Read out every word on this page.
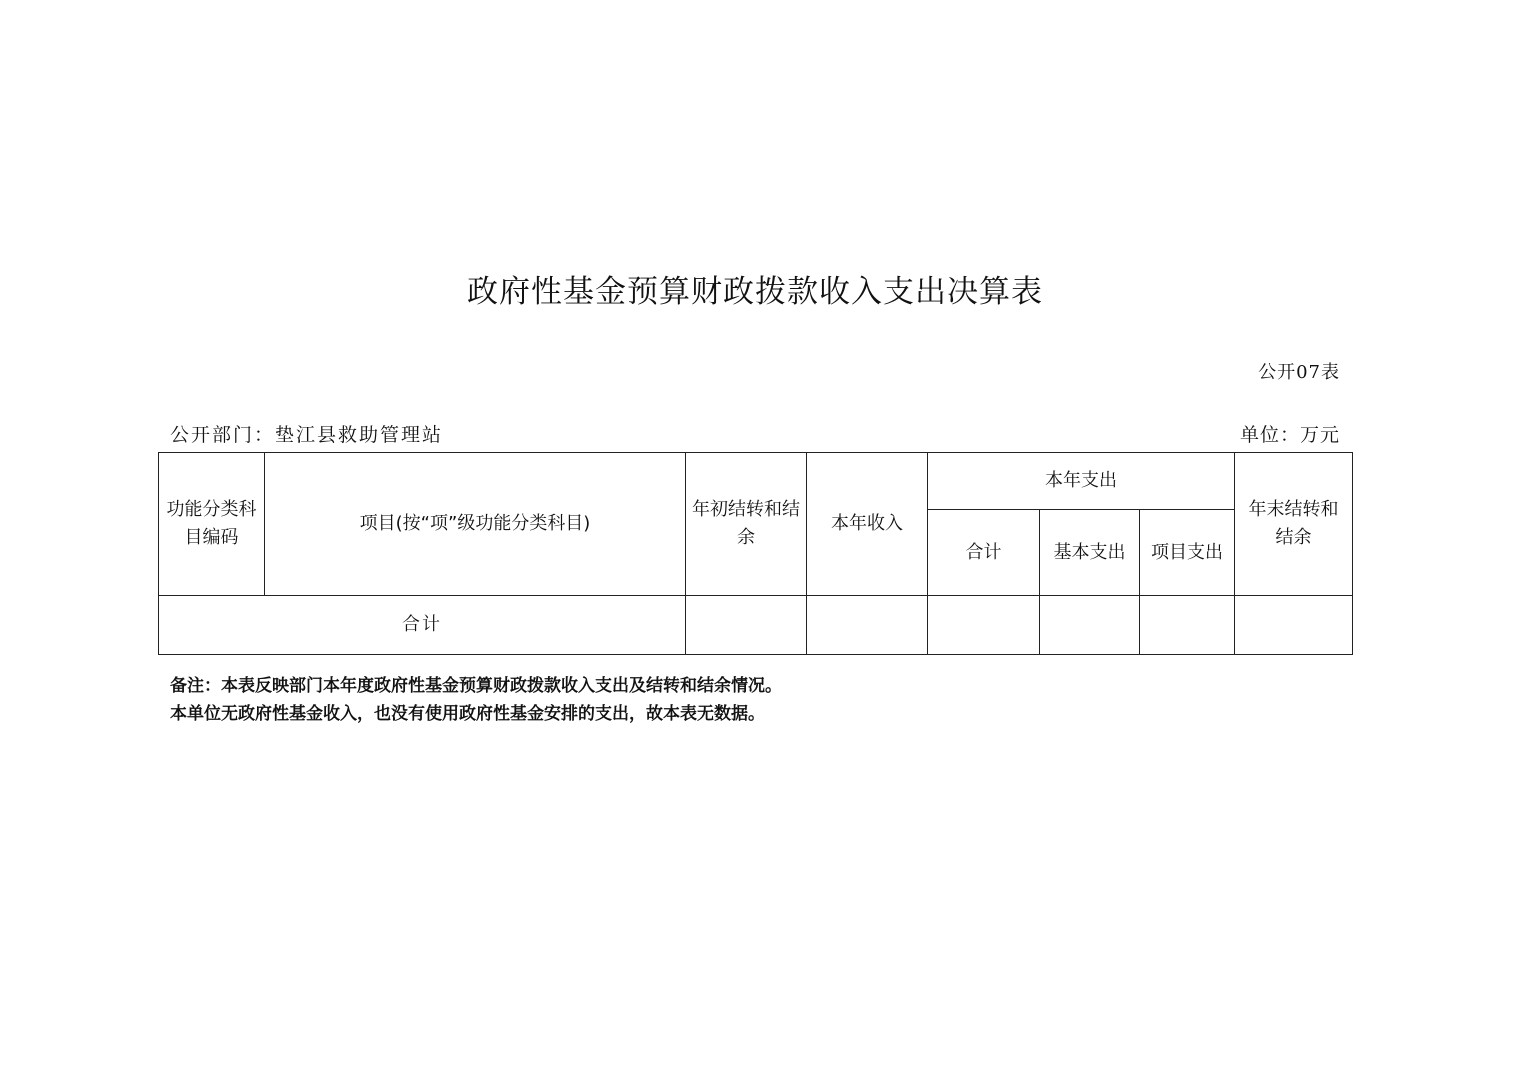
政府性基金预算财政拨款收入支出决算表
公开07表
公开部门：垫江县救助管理站	单位：万元
功能分类科目编码	项目(按“项”级功能分类科目)	年初结转和结余	本年收入	本年支出			年末结转和结余
				合计	基本支出	项目支出	
合计							
备注：本表反映部门本年度政府性基金预算财政拨款收入支出及结转和结余情况。
本单位无政府性基金收入，也没有使用政府性基金安排的支出，故本表无数据。
